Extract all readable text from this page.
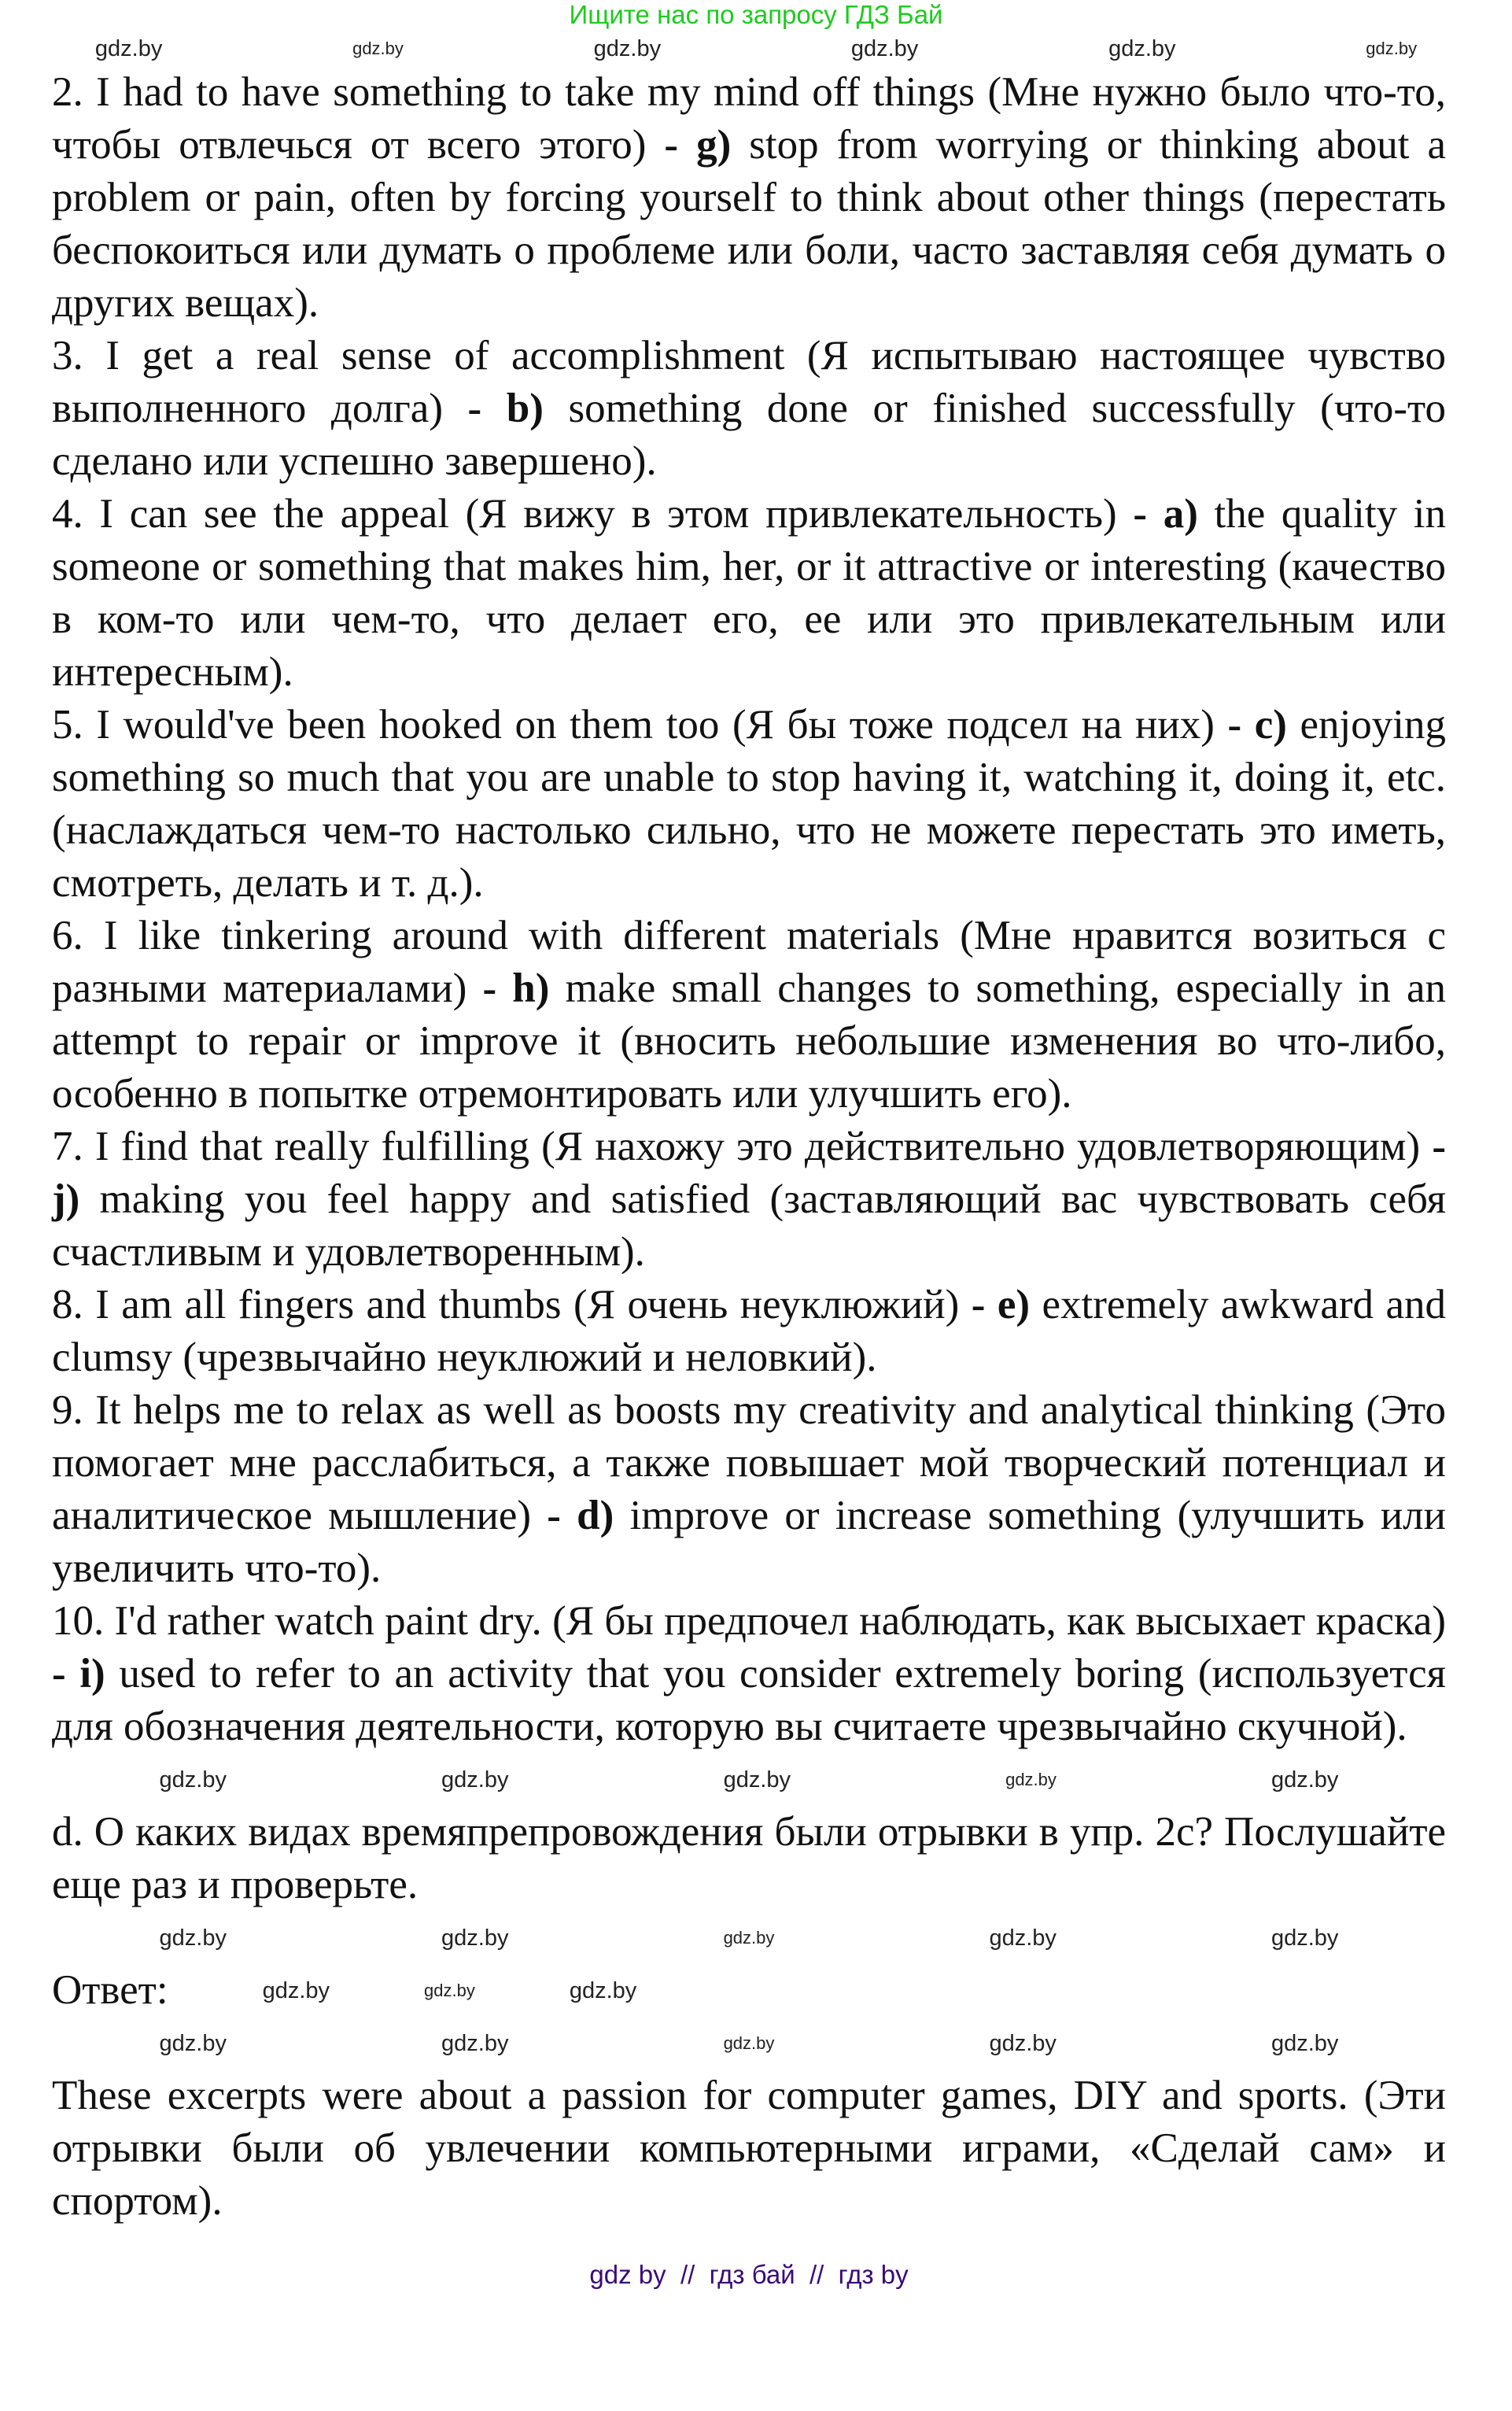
Ищите нас по запросу ГДЗ Бай
gdz.by	gdz.by	gdz.by	gdz.by	gdz.by	gdz.by

2. I had to have something to take my mind off things (Мне нужно было что-то, чтобы отвлечься от всего этого) - g) stop from worrying or thinking about a problem or pain, often by forcing yourself to think about other things (перестать беспокоиться или думать о проблеме или боли, часто заставляя себя думать о других вещах).

3. I get a real sense of accomplishment (Я испытываю настоящее чувство выполненного долга) - b) something done or finished successfully (что-то сделано или успешно завершено).

4. I can see the appeal (Я вижу в этом привлекательность) - a) the quality in someone or something that makes him, her, or it attractive or interesting (качество в ком-то или чем-то, что делает его, ее или это привлекательным или интересным).

5. I would've been hooked on them too (Я бы тоже подсел на них) - c) enjoying something so much that you are unable to stop having it, watching it, doing it, etc. (наслаждаться чем-то настолько сильно, что не можете перестать это иметь, смотреть, делать и т. д.).

6. I like tinkering around with different materials (Мне нравится возиться с разными материалами) - h) make small changes to something, especially in an attempt to repair or improve it (вносить небольшие изменения во что-либо, особенно в попытке отремонтировать или улучшить его).

7. I find that really fulfilling (Я нахожу это действительно удовлетворяющим) - j) making you feel happy and satisfied (заставляющий вас чувствовать себя счастливым и удовлетворенным).

8. I am all fingers and thumbs (Я очень неуклюжий) - e) extremely awkward and clumsy (чрезвычайно неуклюжий и неловкий).

9. It helps me to relax as well as boosts my creativity and analytical thinking (Это помогает мне расслабиться, а также повышает мой творческий потенциал и аналитическое мышление) - d) improve or increase something (улучшить или увеличить что-то).

10. I'd rather watch paint dry. (Я бы предпочел наблюдать, как высыхает краска) - i) used to refer to an activity that you consider extremely boring (используется для обозначения деятельности, которую вы считаете чрезвычайно скучной).

gdz.by	gdz.by	gdz.by	gdz.by	gdz.by

d. О каких видах времяпрепровождения были отрывки в упр. 2c? Послушайте еще раз и проверьте.

gdz.by	gdz.by	gdz.by	gdz.by	gdz.by

Ответ:	gdz.by	gdz.by	gdz.by
gdz.by	gdz.by	gdz.by	gdz.by	gdz.by

These excerpts were about a passion for computer games, DIY and sports. (Эти отрывки были об увлечении компьютерными играми, «Сделай сам» и спортом).

gdz by  //  гдз бай  //  гдз by
